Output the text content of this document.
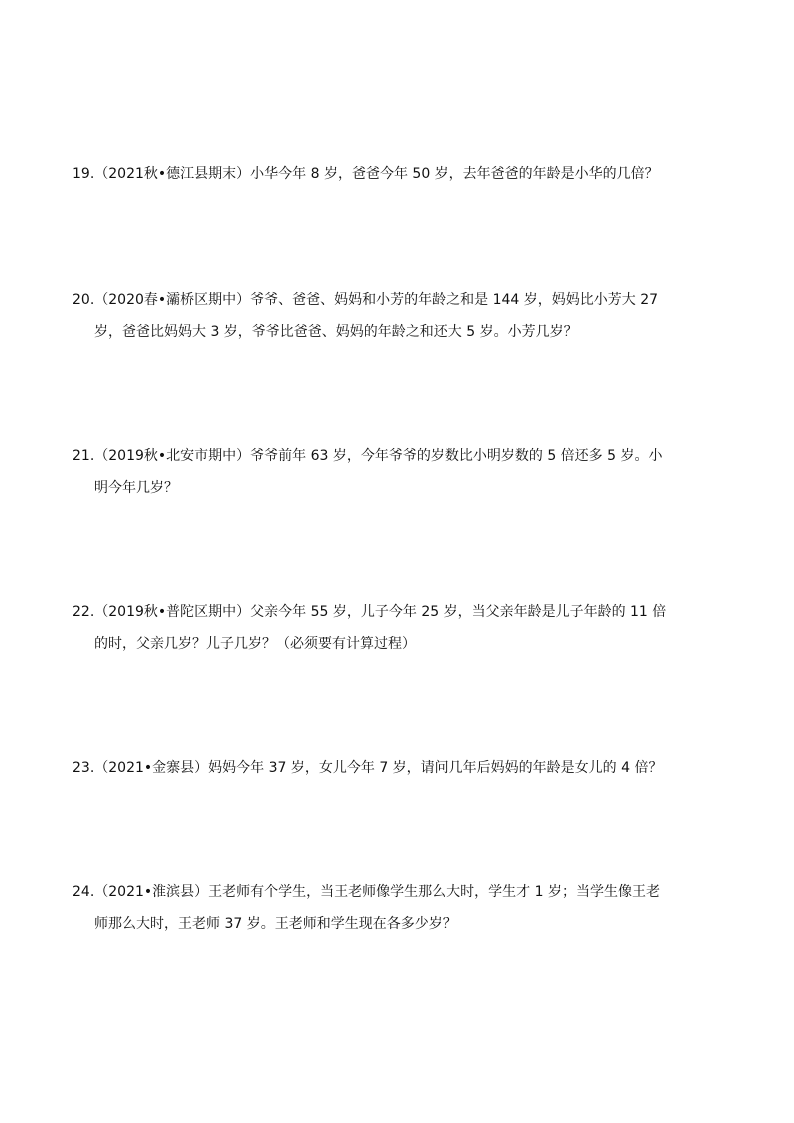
19.（2021秋•德江县期末）小华今年 8 岁，爸爸今年 50 岁，去年爸爸的年龄是小华的几倍？

20.（2020春•灞桥区期中）爷爷、爸爸、妈妈和小芳的年龄之和是 144 岁，妈妈比小芳大 27
岁，爸爸比妈妈大 3 岁，爷爷比爸爸、妈妈的年龄之和还大 5 岁。小芳几岁？

21.（2019秋•北安市期中）爷爷前年 63 岁，今年爷爷的岁数比小明岁数的 5 倍还多 5 岁。小
明今年几岁？

22.（2019秋•普陀区期中）父亲今年 55 岁，儿子今年 25 岁，当父亲年龄是儿子年龄的 11 倍
的时，父亲几岁？儿子几岁？（必须要有计算过程）

23.（2021•金寨县）妈妈今年 37 岁，女儿今年 7 岁，请问几年后妈妈的年龄是女儿的 4 倍？

24.（2021•淮滨县）王老师有个学生，当王老师像学生那么大时，学生才 1 岁；当学生像王老
师那么大时，王老师 37 岁。王老师和学生现在各多少岁？
